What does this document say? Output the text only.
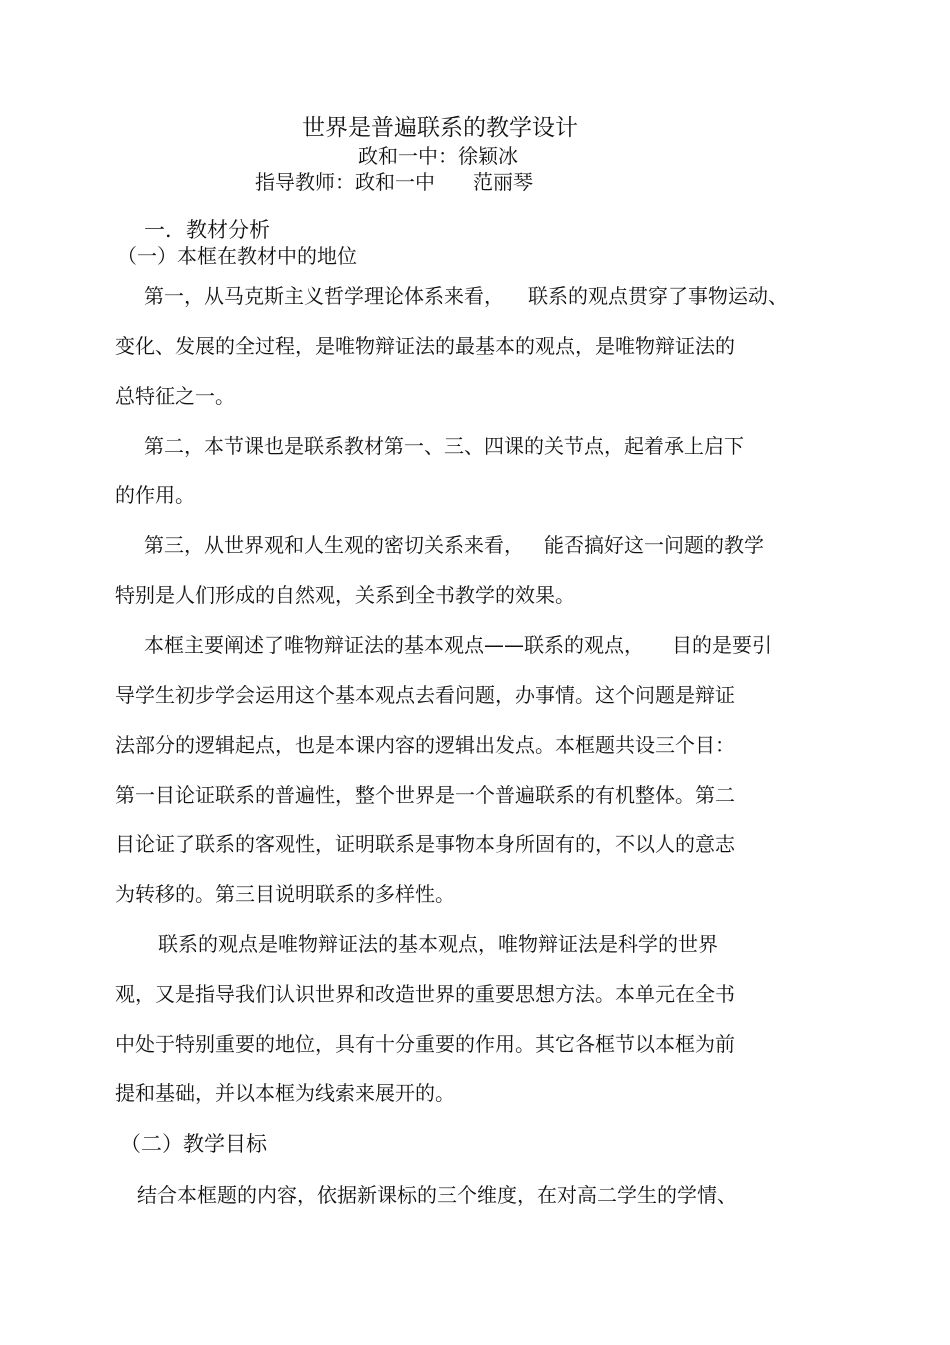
世界是普遍联系的教学设计
政和一中：徐颖冰
指导教师：政和一中 范丽琴
一．教材分析
（一）本框在教材中的地位
第一，从马克斯主义哲学理论体系来看， 联系的观点贯穿了事物运动、
变化、发展的全过程，是唯物辩证法的最基本的观点，是唯物辩证法的
总特征之一。
第二，本节课也是联系教材第一、三、四课的关节点，起着承上启下
的作用。
第三，从世界观和人生观的密切关系来看， 能否搞好这一问题的教学
特别是人们形成的自然观，关系到全书教学的效果。
本框主要阐述了唯物辩证法的基本观点——联系的观点， 目的是要引
导学生初步学会运用这个基本观点去看问题，办事情。这个问题是辩证
法部分的逻辑起点，也是本课内容的逻辑出发点。本框题共设三个目：
第一目论证联系的普遍性，整个世界是一个普遍联系的有机整体。第二
目论证了联系的客观性，证明联系是事物本身所固有的，不以人的意志
为转移的。第三目说明联系的多样性。
联系的观点是唯物辩证法的基本观点，唯物辩证法是科学的世界
观，又是指导我们认识世界和改造世界的重要思想方法。本单元在全书
中处于特别重要的地位，具有十分重要的作用。其它各框节以本框为前
提和基础，并以本框为线索来展开的。
（二）教学目标
结合本框题的内容，依据新课标的三个维度，在对高二学生的学情、
